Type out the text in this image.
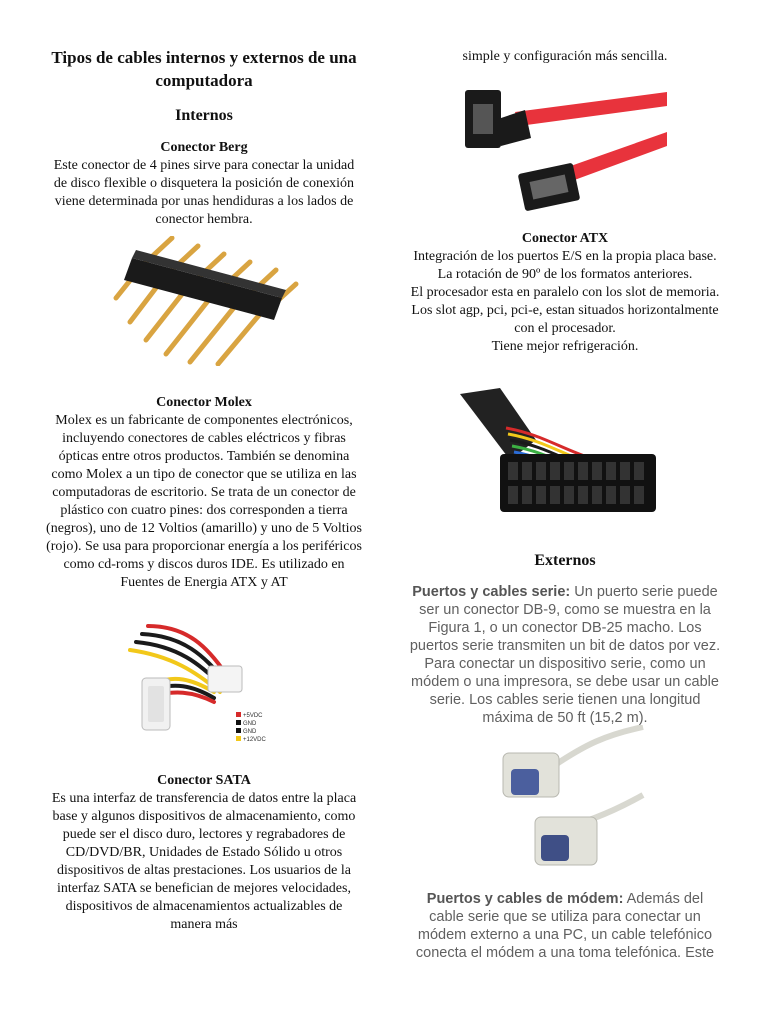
Tipos de cables internos y externos de una computadora
Internos
Conector Berg
Este conector de 4 pines sirve para conectar la unidad de disco flexible o disquetera la posición de conexión viene determinada por unas hendiduras a los lados de conector hembra.
Conector Molex
Molex es un fabricante de componentes electrónicos, incluyendo conectores de cables eléctricos y fibras ópticas entre otros productos. También se denomina como Molex a un tipo de conector que se utiliza en las computadoras de escritorio. Se trata de un conector de plástico con cuatro pines: dos corresponden a tierra (negros), uno de 12 Voltios (amarillo) y uno de 5 Voltios (rojo). Se usa para proporcionar energía a los periféricos como cd-roms y discos duros IDE. Es utilizado en Fuentes de Energia ATX y AT
+5VDC
GND
GND
+12VDC
Conector SATA
Es una interfaz de transferencia de datos entre la placa base y algunos dispositivos de almacenamiento, como puede ser el disco duro, lectores y regrabadores de CD/DVD/BR, Unidades de Estado Sólido u otros dispositivos de altas prestaciones. Los usuarios de la interfaz SATA se benefician de mejores velocidades, dispositivos de almacenamientos actualizables de manera más
simple y configuración más sencilla.
Conector ATX
Integración de los puertos E/S en la propia placa base.
La rotación de 90º de los formatos anteriores.
El procesador esta en paralelo con los slot de memoria.
Los slot agp, pci, pci-e, estan situados horizontalmente con el procesador.
Tiene mejor refrigeración.
Externos
Puertos y cables serie: Un puerto serie puede ser un conector DB-9, como se muestra en la Figura 1, o un conector DB-25 macho. Los puertos serie transmiten un bit de datos por vez. Para conectar un dispositivo serie, como un módem o una impresora, se debe usar un cable serie. Los cables serie tienen una longitud máxima de 50 ft (15,2 m).
Puertos y cables de módem: Además del cable serie que se utiliza para conectar un módem externo a una PC, un cable telefónico conecta el módem a una toma telefónica. Este
